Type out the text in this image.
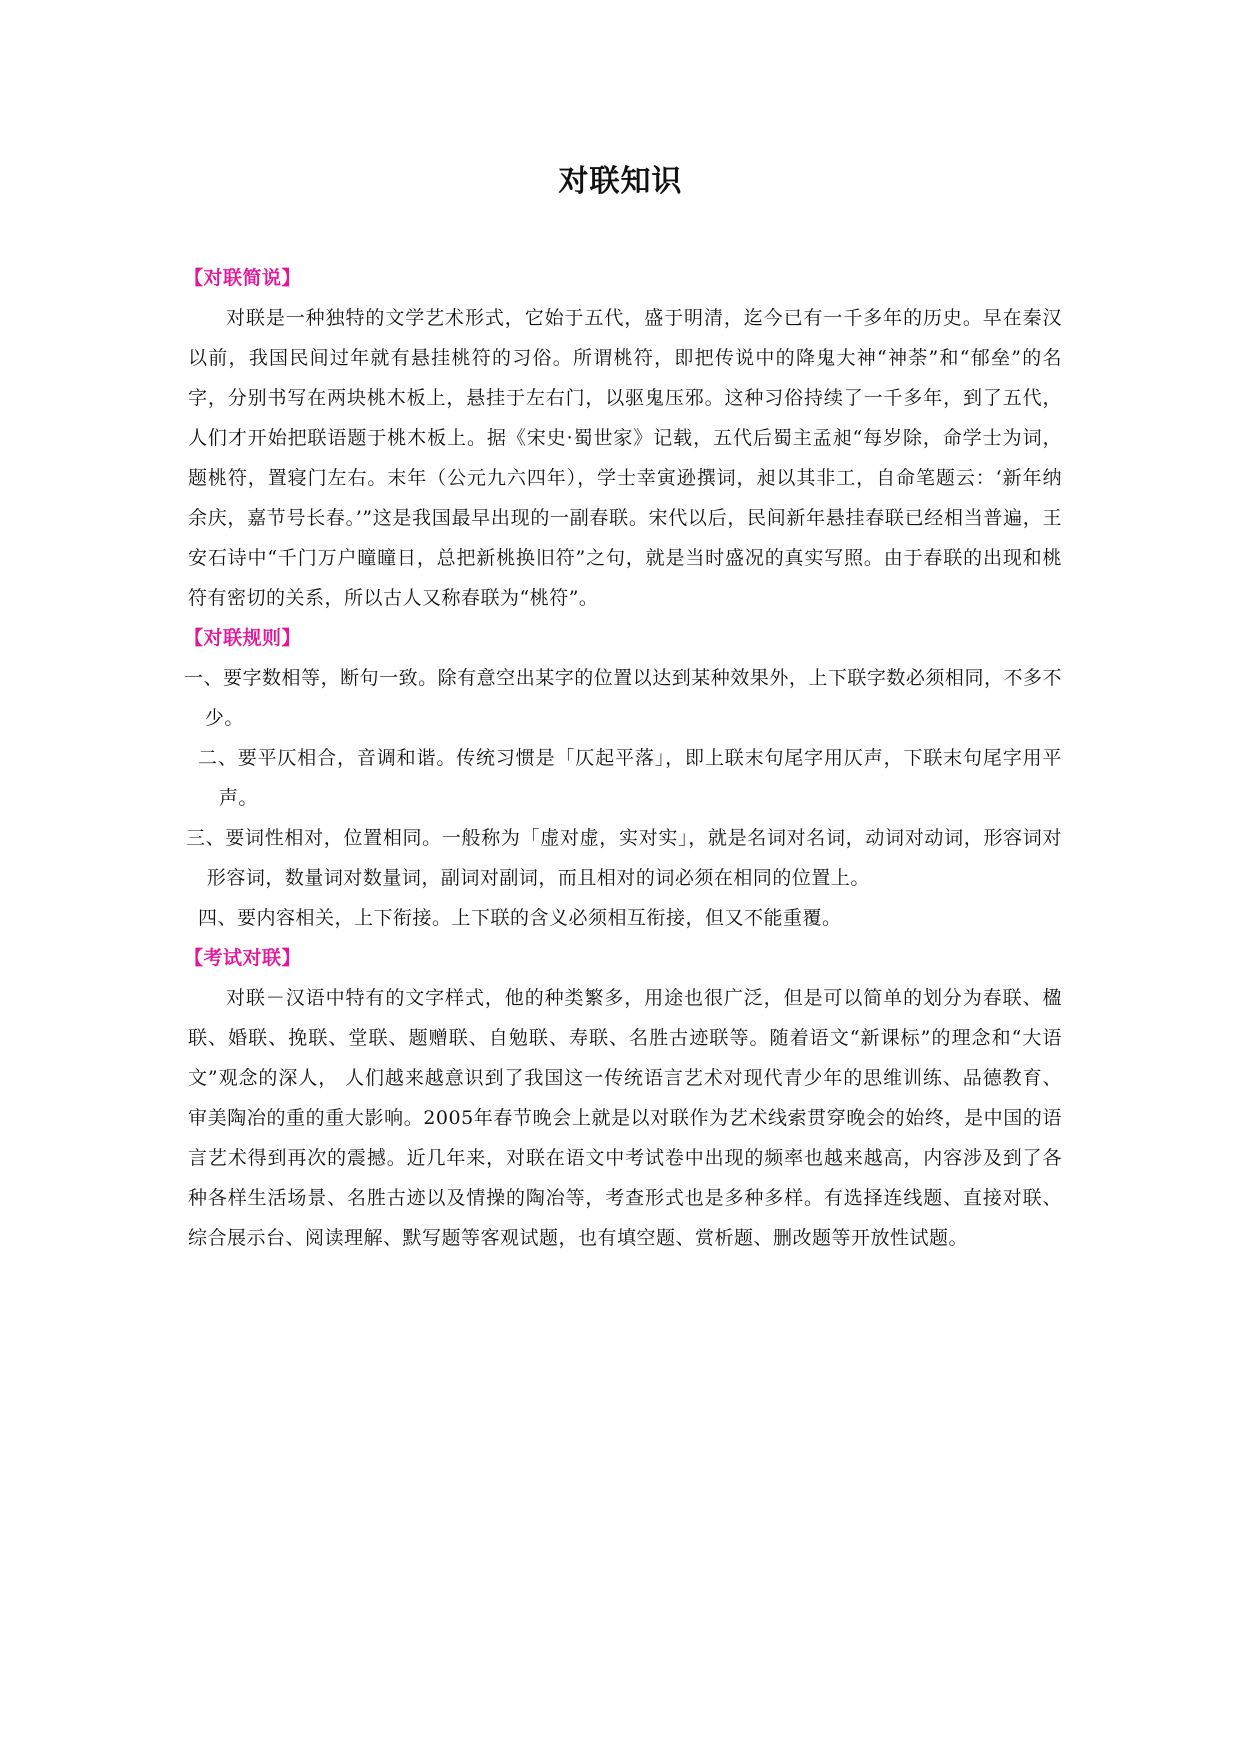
对联知识
【对联简说】

对联是一种独特的文学艺术形式，它始于五代，盛于明清，迄今已有一千多年的历史。早在秦汉以前，我国民间过年就有悬挂桃符的习俗。所谓桃符，即把传说中的降鬼大神“神荼”和“郁垒”的名字，分别书写在两块桃木板上，悬挂于左右门，以驱鬼压邪。这种习俗持续了一千多年，到了五代，人们才开始把联语题于桃木板上。据《宋史·蜀世家》记载，五代后蜀主孟昶“每岁除，命学士为词，题桃符，置寝门左右。末年（公元九六四年），学士幸寅逊撰词，昶以其非工，自命笔题云：‘新年纳余庆，嘉节号长春。’”这是我国最早出现的一副春联。宋代以后，民间新年悬挂春联已经相当普遍，王安石诗中“千门万户曈曈日，总把新桃换旧符”之句，就是当时盛况的真实写照。由于春联的出现和桃符有密切的关系，所以古人又称春联为“桃符”。

【对联规则】
一、要字数相等，断句一致。除有意空出某字的位置以达到某种效果外，上下联字数必须相同，不多不少。
二、要平仄相合，音调和谐。传统习惯是「仄起平落」，即上联末句尾字用仄声，下联末句尾字用平声。
三、要词性相对，位置相同。一般称为「虚对虚，实对实」，就是名词对名词，动词对动词，形容词对形容词，数量词对数量词，副词对副词，而且相对的词必须在相同的位置上。
四、要内容相关，上下衔接。上下联的含义必须相互衔接，但又不能重覆。
【考试对联】

对联－汉语中特有的文字样式，他的种类繁多，用途也很广泛，但是可以简单的划分为春联、楹联、婚联、挽联、堂联、题赠联、自勉联、寿联、名胜古迹联等。随着语文“新课标”的理念和“大语文”观念的深人， 人们越来越意识到了我国这一传统语言艺术对现代青少年的思维训练、品德教育、 审美陶冶的重的重大影响。2005年春节晚会上就是以对联作为艺术线索贯穿晚会的始终，是中国的语言艺术得到再次的震撼。近几年来，对联在语文中考试卷中出现的频率也越来越高，内容涉及到了各种各样生活场景、名胜古迹以及情操的陶冶等，考查形式也是多种多样。有选择连线题、直接对联、综合展示台、阅读理解、默写题等客观试题，也有填空题、赏析题、删改题等开放性试题。
